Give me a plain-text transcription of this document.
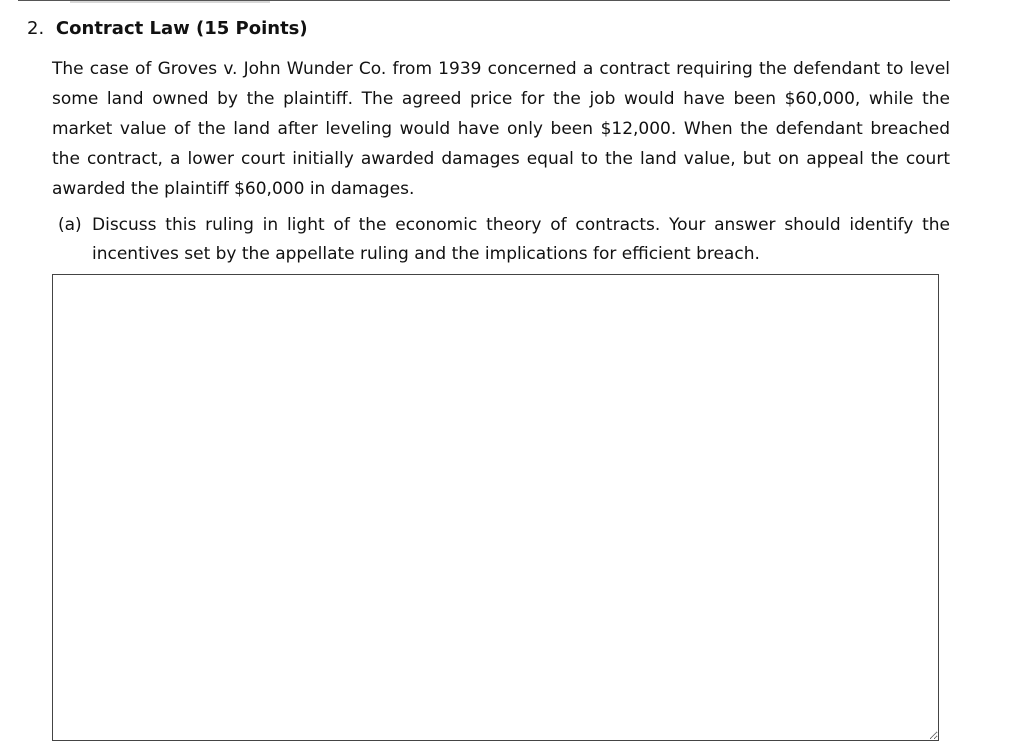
2. Contract Law (15 Points)

The case of Groves v. John Wunder Co. from 1939 concerned a contract requiring the defendant to level some land owned by the plaintiff. The agreed price for the job would have been $60,000, while the market value of the land after leveling would have only been $12,000. When the defendant breached the contract, a lower court initially awarded damages equal to the land value, but on appeal the court awarded the plaintiff $60,000 in damages.

(a) Discuss this ruling in light of the economic theory of contracts. Your answer should identify the incentives set by the appellate ruling and the implications for efficient breach.
